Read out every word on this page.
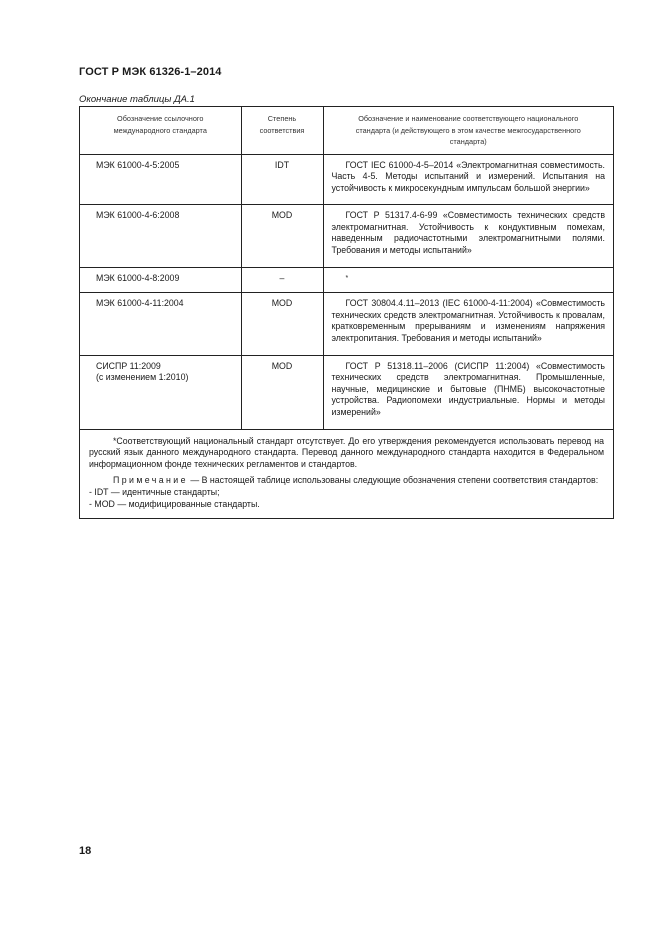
ГОСТ Р МЭК 61326-1–2014
Окончание таблицы ДА.1
Обозначение ссылочного международного стандарта	Степень соответствия	Обозначение и наименование соответствующего национального стандарта (и действующего в этом качестве межгосударственного стандарта)
МЭК 61000-4-5:2005	IDT	ГОСТ IEC 61000-4-5–2014 «Электромагнитная совместимость. Часть 4-5. Методы испытаний и измерений. Испытания на устойчивость к микросекундным импульсам большой энергии»
МЭК 61000-4-6:2008	MOD	ГОСТ Р 51317.4-6-99 «Совместимость технических средств электромагнитная. Устойчивость к кондуктивным помехам, наведенным радиочастотными электромагнитными полями. Требования и методы испытаний»
МЭК 61000-4-8:2009	–	*
МЭК 61000-4-11:2004	MOD	ГОСТ 30804.4.11–2013 (IEC 61000-4-11:2004) «Совместимость технических средств электромагнитная. Устойчивость к провалам, кратковременным прерываниям и изменениям напряжения электропитания. Требования и методы испытаний»

СИСПР 11:2009
(с изменением 1:2010)	MOD	ГОСТ Р 51318.11–2006 (СИСПР 11:2004) «Совместимость технических средств электромагнитная. Промышленные, научные, медицинские и бытовые (ПНМБ) высокочастотные устройства. Радиопомехи индустриальные. Нормы и методы измерений»

*Соответствующий национальный стандарт отсутствует. До его утверждения рекомендуется использовать перевод на русский язык данного международного стандарта. Перевод данного международного стандарта находится в Федеральном информационном фонде технических регламентов и стандартов.

Примечание — В настоящей таблице использованы следующие обозначения степени соответствия стандартов:

- IDT — идентичные стандарты;

- MOD — модифицированные стандарты.

18
